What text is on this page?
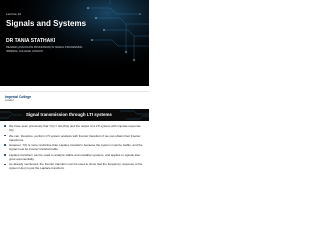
Lecture 12
Signals and Systems
DR TANIA STATHAKI
READER (ASSOCIATE PROFESSOR) IN SIGNAL PROCESSING
IMPERIAL COLLEGE LONDON
Imperial College
London
Signal transmission through LTI systems
We have seen previously that Y(s) = H(s)X(s) and the output of a LTI system with impulse response h(t).
We can, therefore, perform LTI system analysis with Fourier transform if we can obtain their Fourier transforms.
However, Y(f) is more restrictive than Laplace transform because the system must be stable, and the signal must be Fourier transformable.
Laplace transform can be used to analyze stable and unstable systems, and applies to signals that grow exponentially.
As already mentioned, the Fourier transform can be used to show that the frequency response of the system H(ω) is just the Laplace transform
